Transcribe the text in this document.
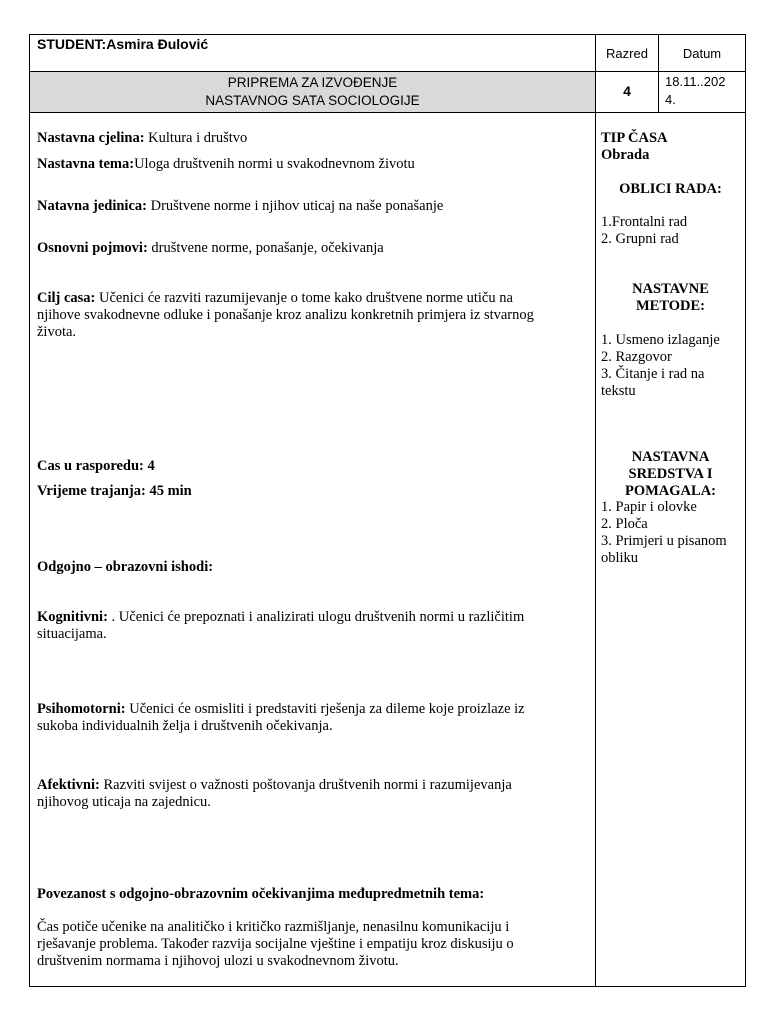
STUDENT:Asmira Đulović
Razred	Datum
PRIPREMA ZA IZVOĐENJE
NASTAVNOG SATA SOCIOLOGIJE
4
18.11..202
4.

Nastavna cjelina: Kultura i društvo

Nastavna tema:Uloga društvenih normi u svakodnevnom životu

Natavna jedinica: Društvene norme i njihov uticaj na naše ponašanje

Osnovni pojmovi: društvene norme, ponašanje, očekivanja

Cilj casa: Učenici će razviti razumijevanje o tome kako društvene norme utiču na
njihove svakodnevne odluke i ponašanje kroz analizu konkretnih primjera iz stvarnog
života.

Cas u rasporedu: 4

Vrijeme trajanja: 45 min

Odgojno – obrazovni ishodi:

Kognitivni: . Učenici će prepoznati i analizirati ulogu društvenih normi u različitim
situacijama.
Psihomotorni: Učenici će osmisliti i predstaviti rješenja za dileme koje proizlaze iz
sukoba individualnih želja i društvenih očekivanja.
Afektivni: Razviti svijest o važnosti poštovanja društvenih normi i razumijevanja
njihovog uticaja na zajednicu.

Povezanost s odgojno-obrazovnim očekivanjima međupredmetnih tema:

Čas potiče učenike na analitičko i kritičko razmišljanje, nenasilnu komunikaciju i
rješavanje problema. Također razvija socijalne vještine i empatiju kroz diskusiju o
društvenim normama i njihovoj ulozi u svakodnevnom životu.
TIP ČASA
Obrada
OBLICI RADA:
1.Frontalni rad
2. Grupni rad
NASTAVNE
METODE:
1. Usmeno izlaganje
2. Razgovor
3. Čitanje i rad na
tekstu
NASTAVNA
SREDSTVA I
POMAGALA:
1. Papir i olovke
2. Ploča
3. Primjeri u pisanom
obliku
